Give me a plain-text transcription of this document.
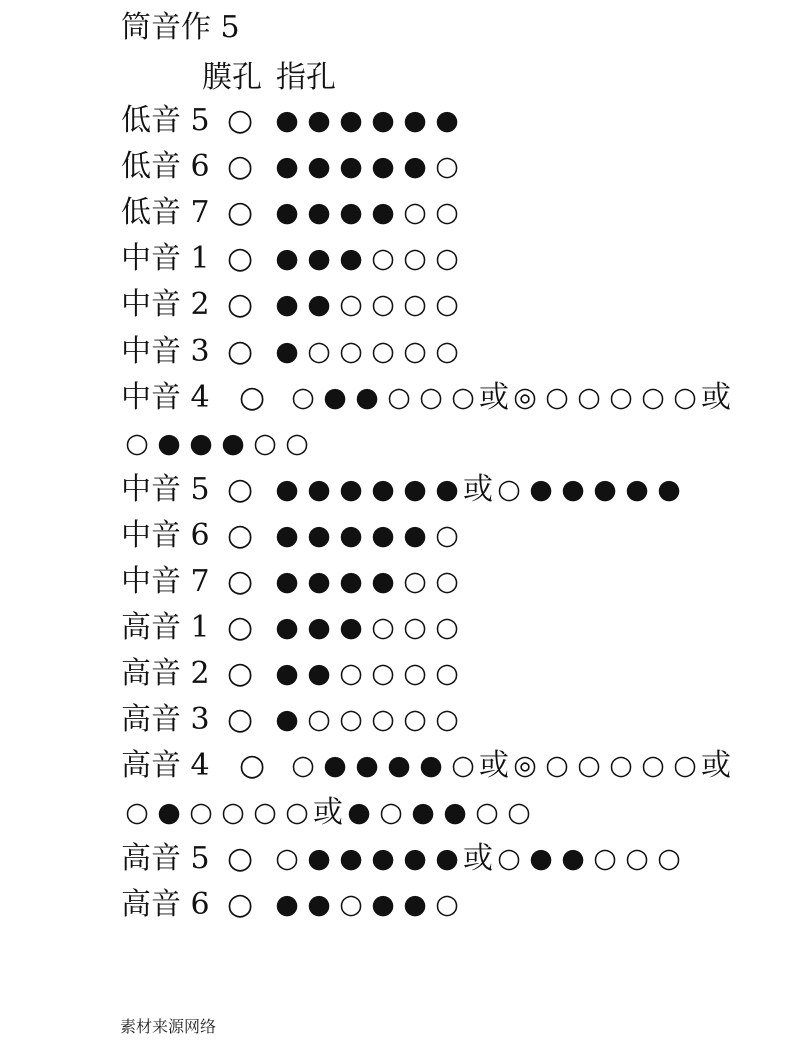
筒音作 5
膜孔 指孔
低音 5 ○ ● ● ● ● ● ●
低音 6 ○ ● ● ● ● ● ○
低音 7 ○ ● ● ● ● ○ ○
中音 1 ○ ● ● ● ○ ○ ○
中音 2 ○ ● ● ○ ○ ○ ○
中音 3 ○ ● ○ ○ ○ ○ ○
中音 4 ○ ○ ● ● ○ ○ ○ 或 ◎ ○ ○ ○ ○ ○ 或
○ ● ● ● ○ ○
中音 5 ○ ● ● ● ● ● ● 或 ○ ● ● ● ● ●
中音 6 ○ ● ● ● ● ● ○
中音 7 ○ ● ● ● ● ○ ○
高音 1 ○ ● ● ● ○ ○ ○
高音 2 ○ ● ● ○ ○ ○ ○
高音 3 ○ ● ○ ○ ○ ○ ○
高音 4 ○ ○ ● ● ● ● ○ 或 ◎ ○ ○ ○ ○ ○ 或
○ ● ○ ○ ○ ○ 或 ● ○ ● ● ○ ○
高音 5 ○ ○ ● ● ● ● ● 或 ○ ● ● ○ ○ ○
高音 6 ○ ● ● ○ ● ● ○
素材来源网络
